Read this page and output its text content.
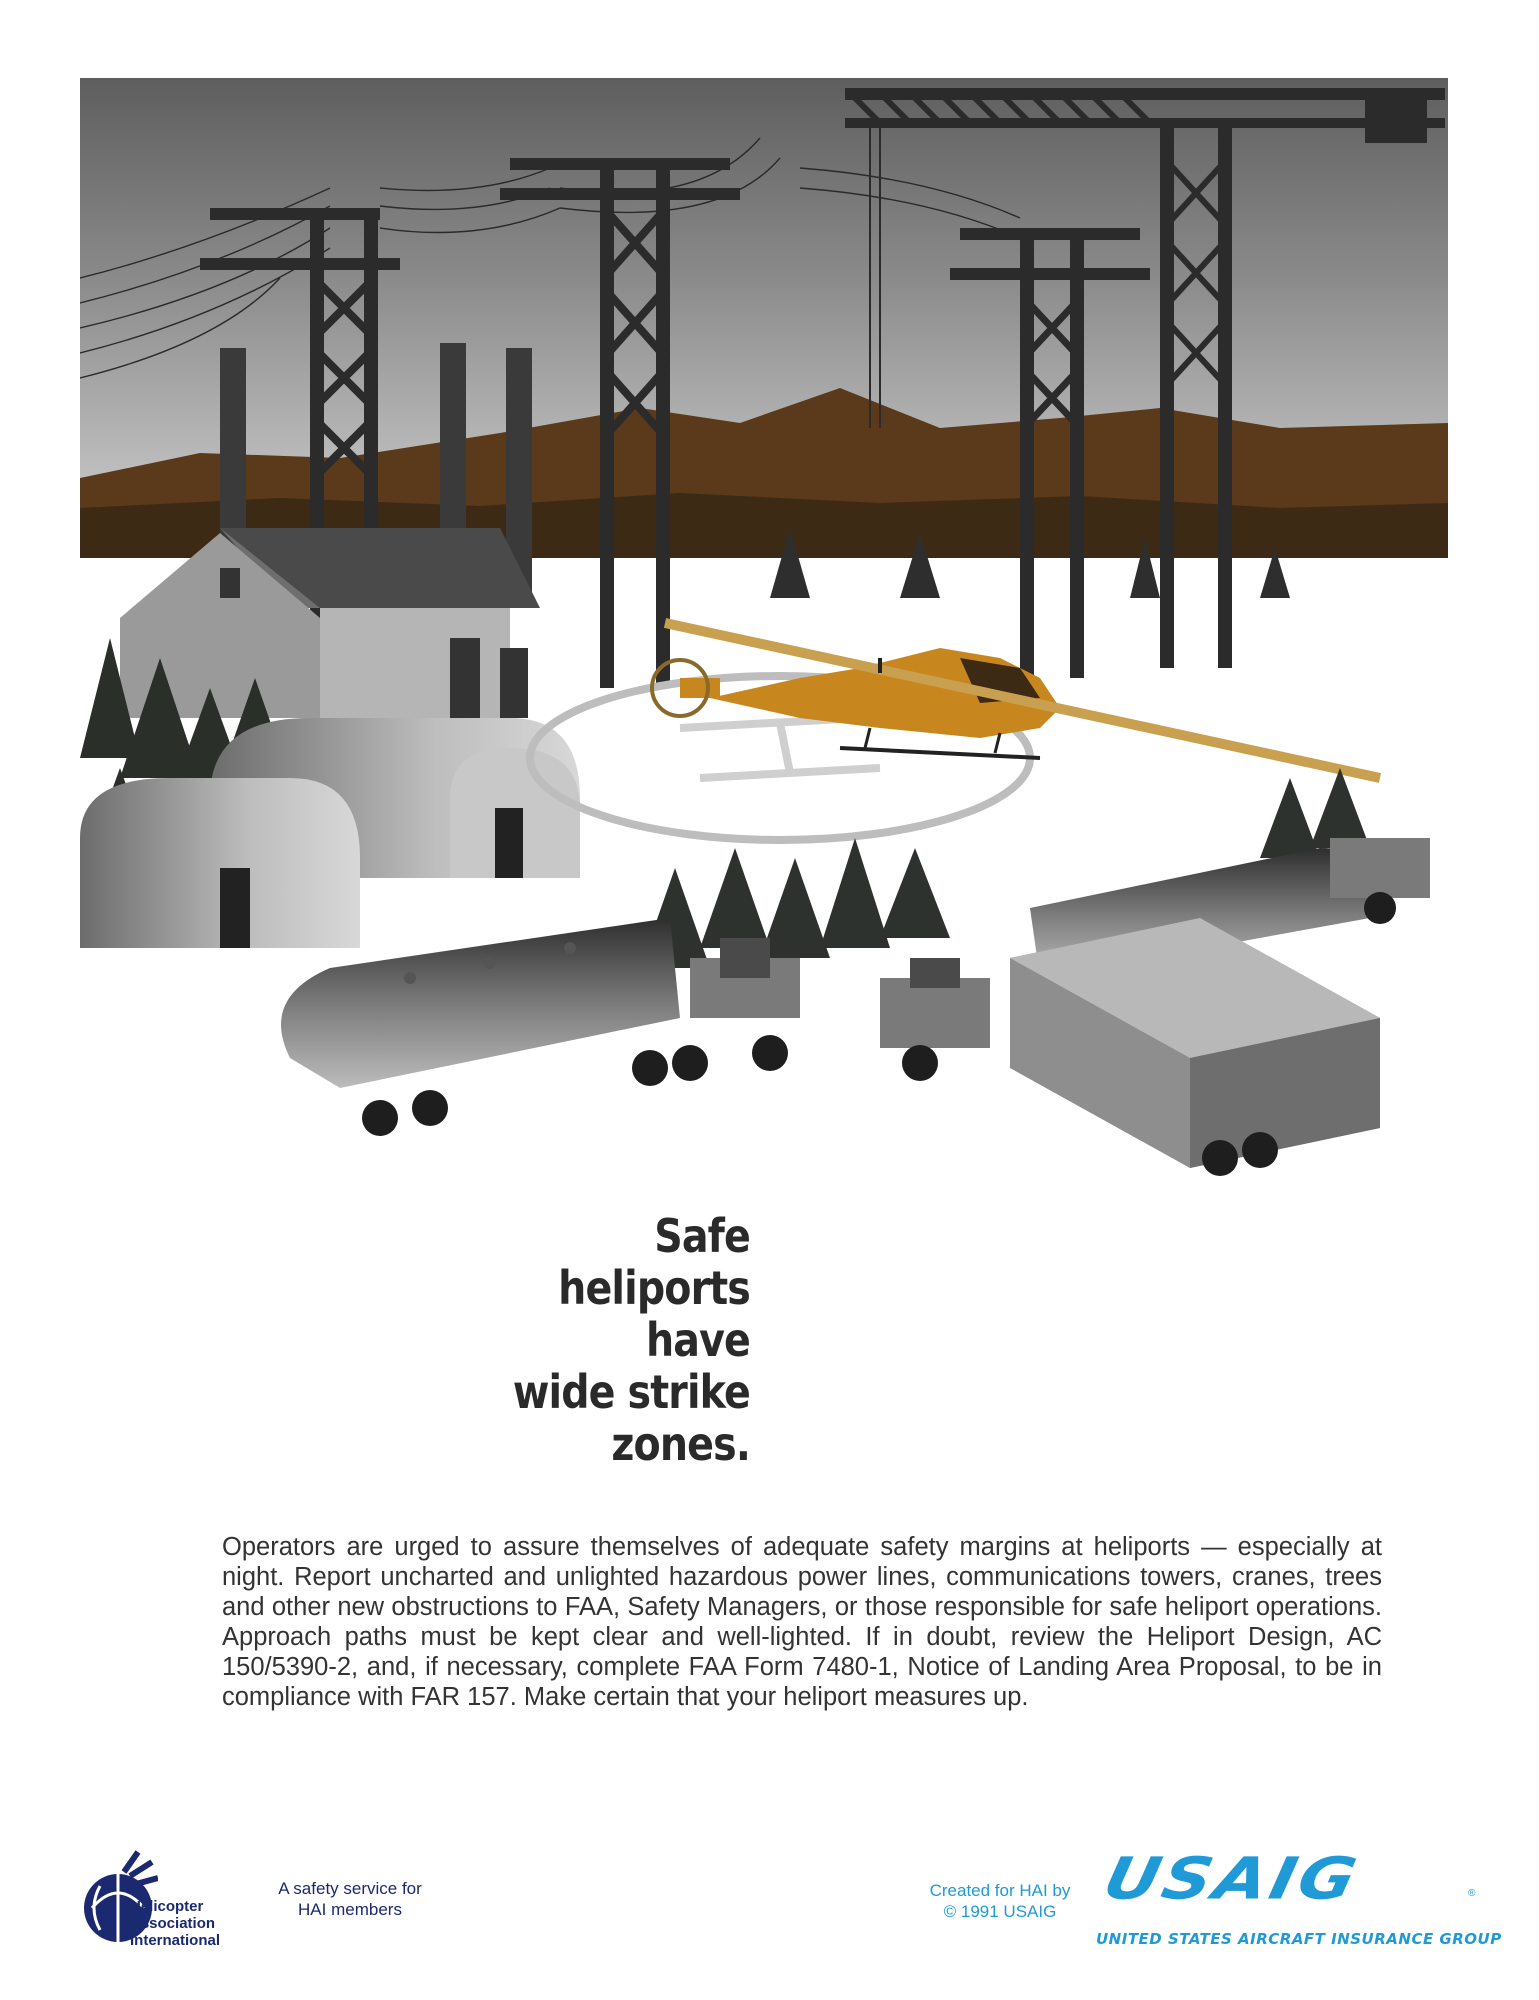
Safe
heliports
have
wide strike
zones.
Operators are urged to assure themselves of adequate safety margins at heliports — especially at night. Report uncharted and unlighted hazardous power lines, communications towers, cranes, trees and other new obstructions to FAA, Safety Managers, or those responsible for safe heliport operations. Approach paths must be kept clear and well-lighted. If in doubt, review the Heliport Design, AC 150/5390-2, and, if necessary, complete FAA Form 7480-1, Notice of Landing Area Proposal, to be in compliance with FAR 157. Make certain that your heliport measures up.
Helicopter
Association
International
A safety service for
HAI members
Created for HAI by
© 1991 USAIG USAIG	®
UNITED STATES AIRCRAFT INSURANCE GROUP
